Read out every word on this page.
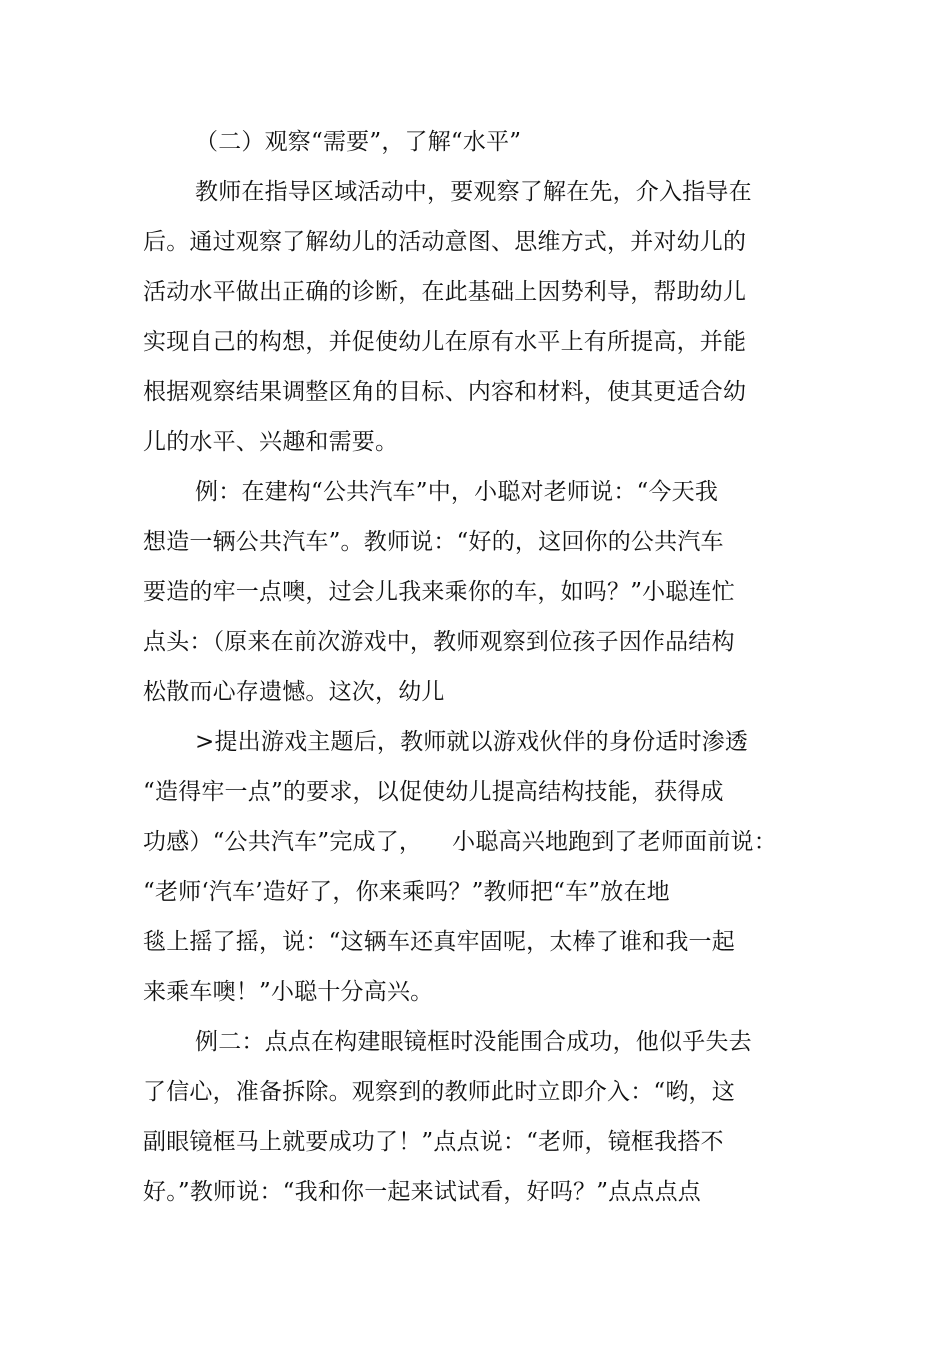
（二）观察“需要”，了解“水平”
教师在指导区域活动中，要观察了解在先，介入指导在
后。通过观察了解幼儿的活动意图、思维方式，并对幼儿的
活动水平做出正确的诊断，在此基础上因势利导，帮助幼儿
实现自己的构想，并促使幼儿在原有水平上有所提高，并能
根据观察结果调整区角的目标、内容和材料，使其更适合幼
儿的水平、兴趣和需要。
例：在建构“公共汽车”中，小聪对老师说：“今天我
想造一辆公共汽车”。教师说：“好的，这回你的公共汽车
要造的牢一点噢，过会儿我来乘你的车，如吗？”小聪连忙
点头：（原来在前次游戏中，教师观察到位孩子因作品结构
松散而心存遗憾。这次，幼儿
>提出游戏主题后，教师就以游戏伙伴的身份适时渗透
“造得牢一点”的要求，以促使幼儿提高结构技能，获得成
功感）“公共汽车”完成了，    小聪高兴地跑到了老师面前说：
“老师‘汽车’造好了，你来乘吗？”教师把“车”放在地
毯上摇了摇，说：“这辆车还真牢固呢，太棒了谁和我一起
来乘车噢！”小聪十分高兴。
例二：点点在构建眼镜框时没能围合成功，他似乎失去
了信心，准备拆除。观察到的教师此时立即介入：“哟，这
副眼镜框马上就要成功了！”点点说：“老师，镜框我搭不
好。”教师说：“我和你一起来试试看，好吗？”点点点点
